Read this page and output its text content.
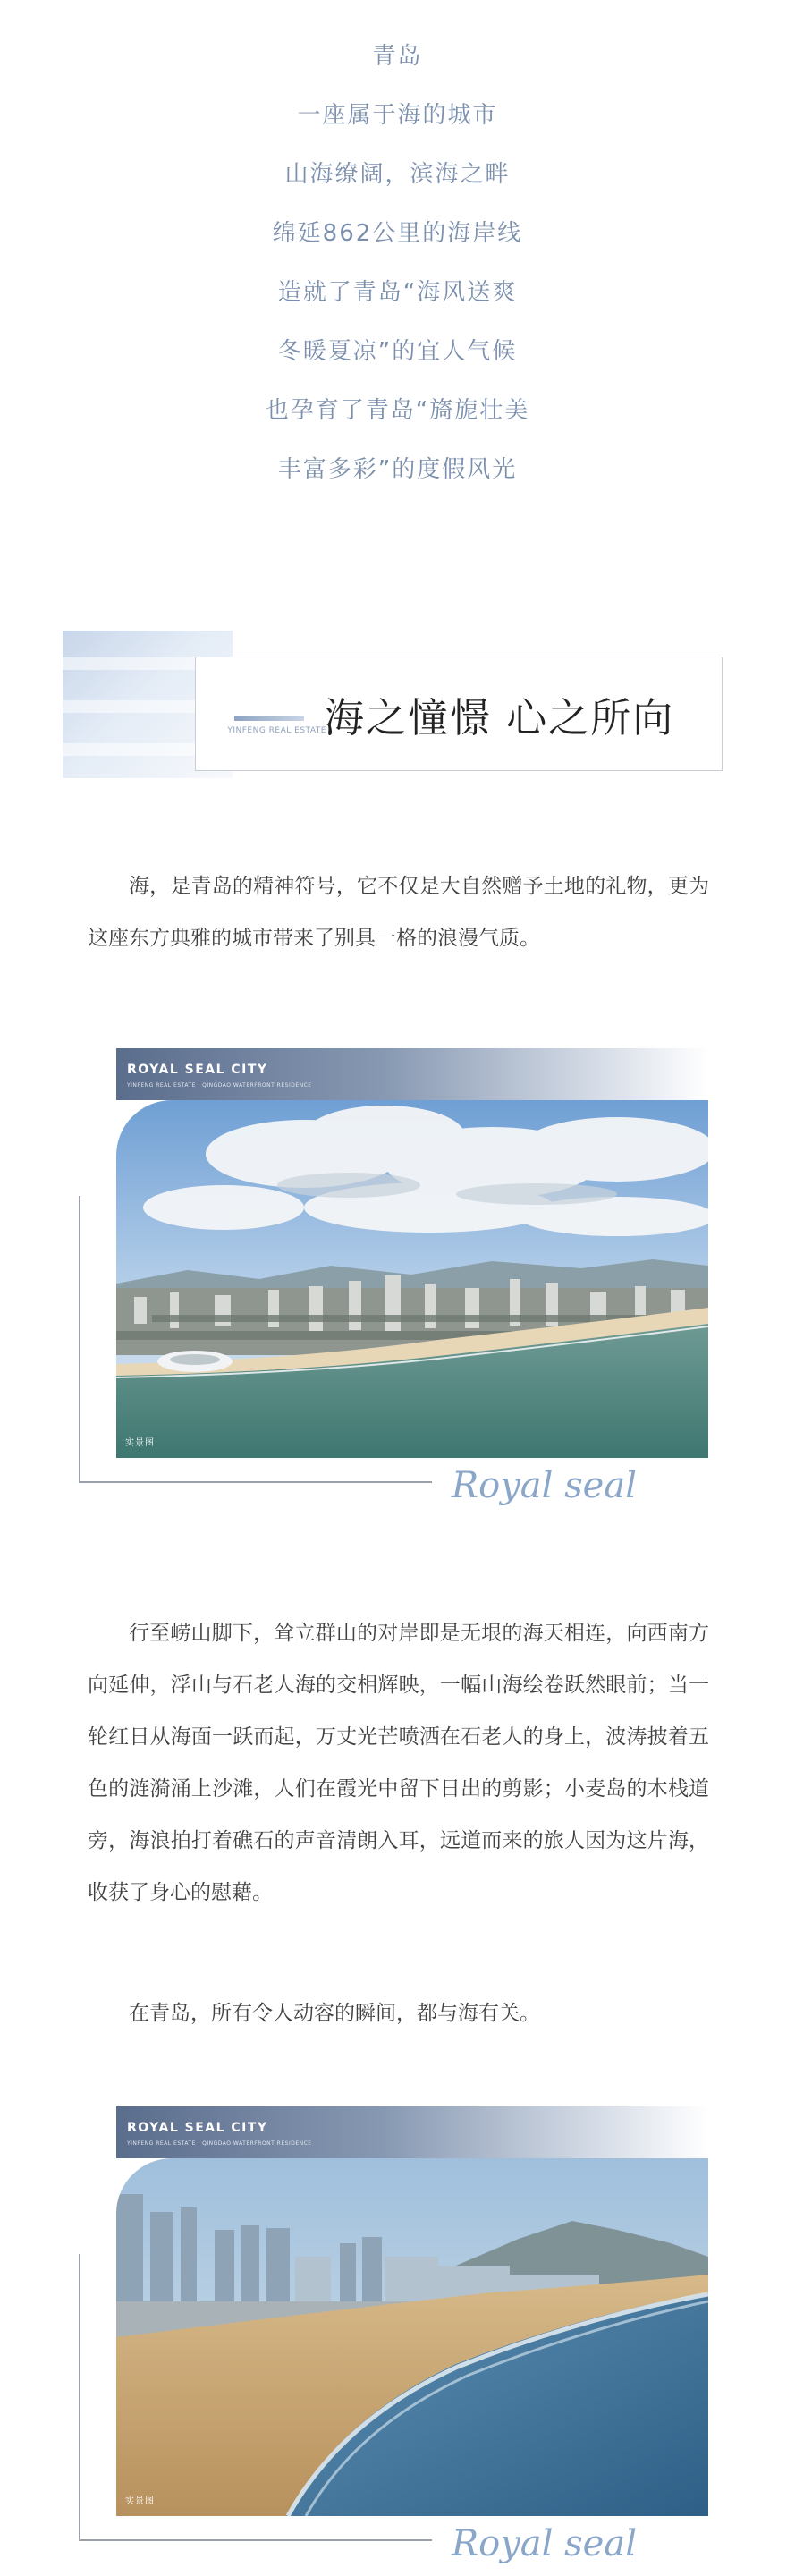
青岛
一座属于海的城市
山海缭阔，滨海之畔
绵延862公里的海岸线
造就了青岛“海风送爽
冬暖夏凉”的宜人气候
也孕育了青岛“旖旎壮美
丰富多彩”的度假风光
YINFENG REAL ESTATE
海之憧憬 心之所向

海，是青岛的精神符号，它不仅是大自然赠予土地的礼物，更为这座东方典雅的城市带来了别具一格的浪漫气质。

ROYAL SEAL CITY
YINFENG REAL ESTATE · QINGDAO WATERFRONT RESIDENCE
实景图
Royal seal

行至崂山脚下，耸立群山的对岸即是无垠的海天相连，向西南方向延伸，浮山与石老人海的交相辉映，一幅山海绘卷跃然眼前；当一轮红日从海面一跃而起，万丈光芒喷洒在石老人的身上，波涛披着五色的涟漪涌上沙滩，人们在霞光中留下日出的剪影；小麦岛的木栈道旁，海浪拍打着礁石的声音清朗入耳，远道而来的旅人因为这片海，收获了身心的慰藉。

在青岛，所有令人动容的瞬间，都与海有关。

ROYAL SEAL CITY
YINFENG REAL ESTATE · QINGDAO WATERFRONT RESIDENCE
实景图
Royal seal
